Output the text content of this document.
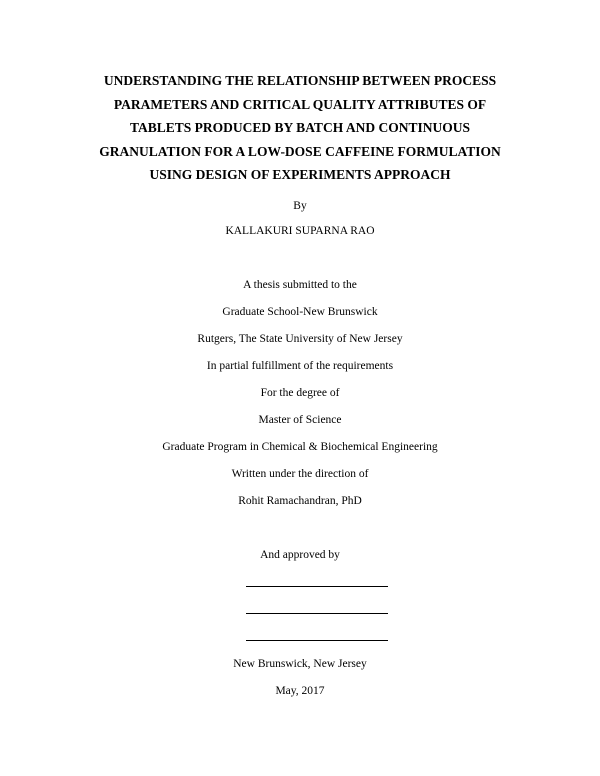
UNDERSTANDING THE RELATIONSHIP BETWEEN PROCESS
PARAMETERS AND CRITICAL QUALITY ATTRIBUTES OF
TABLETS PRODUCED BY BATCH AND CONTINUOUS
GRANULATION FOR A LOW-DOSE CAFFEINE FORMULATION
USING DESIGN OF EXPERIMENTS APPROACH
By
KALLAKURI SUPARNA RAO
A thesis submitted to the
Graduate School-New Brunswick
Rutgers, The State University of New Jersey
In partial fulfillment of the requirements
For the degree of
Master of Science
Graduate Program in Chemical & Biochemical Engineering
Written under the direction of
Rohit Ramachandran, PhD
And approved by
New Brunswick, New Jersey
May, 2017
